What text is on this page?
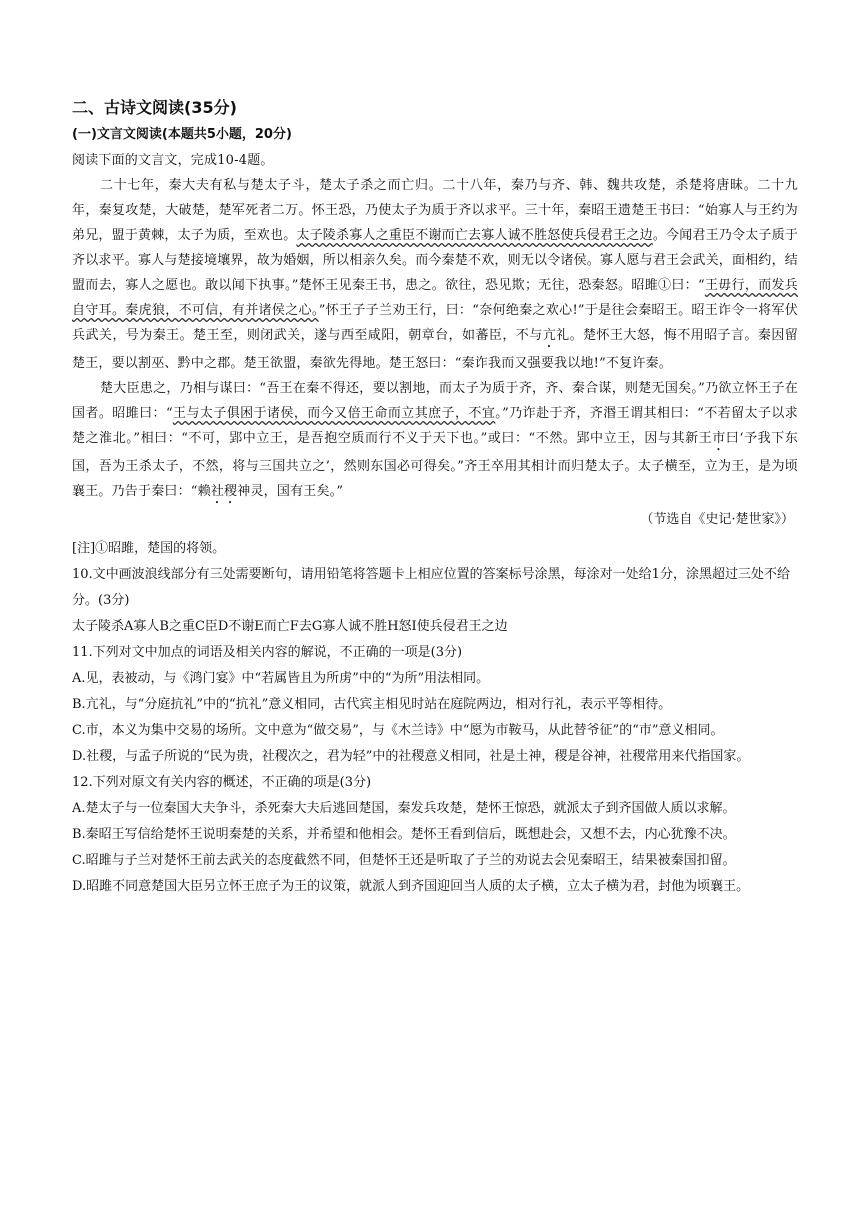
二、古诗文阅读(35分)
(一)文言文阅读(本题共5小题，20分)

阅读下面的文言文，完成10-4题。

二十七年，秦大夫有私与楚太子斗，楚太子杀之而亡归。二十八年，秦乃与齐、韩、魏共攻楚，杀楚将唐昧。二十九年，秦复攻楚，大破楚，楚军死者二万。怀王恐，乃使太子为质于齐以求平。三十年，秦昭王遗楚王书曰：“始寡人与王约为弟兄，盟于黄棘，太子为质，至欢也。太子陵杀寡人之重臣不谢而亡去寡人诚不胜怒使兵侵君王之边。今闻君王乃令太子质于齐以求平。寡人与楚接境壤界，故为婚姻，所以相亲久矣。而今秦楚不欢，则无以令诸侯。寡人愿与君王会武关，面相约，结盟而去，寡人之愿也。敢以闻下执事。”楚怀王见秦王书，患之。欲往，恐见欺；无往，恐秦怒。昭雎①曰：“王毋行，而发兵自守耳。秦虎狼，不可信，有并诸侯之心。”怀王子子兰劝王行，曰：“奈何绝秦之欢心!”于是往会秦昭王。昭王诈令一将军伏兵武关，号为秦王。楚王至，则闭武关，遂与西至咸阳，朝章台，如蕃臣，不与亢礼。楚怀王大怒，悔不用昭子言。秦因留楚王，要以割巫、黔中之郡。楚王欲盟，秦欲先得地。楚王怒曰：“秦诈我而又强要我以地!”不复许秦。

楚大臣患之，乃相与谋曰：“吾王在秦不得还，要以割地，而太子为质于齐，齐、秦合谋，则楚无国矣。”乃欲立怀王子在国者。昭雎曰：“王与太子俱困于诸侯，而今又倍王命而立其庶子，不宜。”乃诈赴于齐，齐湣王谓其相曰：“不若留太子以求楚之淮北。”相曰：“不可，郢中立王，是吾抱空质而行不义于天下也。”或曰：“不然。郢中立王，因与其新王市曰‘予我下东国，吾为王杀太子，不然，将与三国共立之’，然则东国必可得矣。”齐王卒用其相计而归楚太子。太子横至，立为王，是为顷襄王。乃告于秦曰：“赖社稷神灵，国有王矣。”

（节选自《史记·楚世家》）

[注]①昭雎，楚国的将领。

10.文中画波浪线部分有三处需要断句，请用铅笔将答题卡上相应位置的答案标号涂黑，每涂对一处给1分，涂黑超过三处不给分。(3分)

太子陵杀A寡人B之重C臣D不谢E而亡F去G寡人诚不胜H怒I使兵侵君王之边

11.下列对文中加点的词语及相关内容的解说，不正确的一项是(3分)

A.见，表被动，与《鸿门宴》中“若属皆且为所虏”中的“为所”用法相同。

B.亢礼，与“分庭抗礼”中的“抗礼”意义相同，古代宾主相见时站在庭院两边，相对行礼，表示平等相待。

C.市，本义为集中交易的场所。文中意为“做交易”，与《木兰诗》中“愿为市鞍马，从此替爷征”的“市”意义相同。

D.社稷，与孟子所说的“民为贵，社稷次之，君为轻”中的社稷意义相同，社是土神，稷是谷神，社稷常用来代指国家。

12.下列对原文有关内容的概述，不正确的项是(3分)

A.楚太子与一位秦国大夫争斗，杀死秦大夫后逃回楚国，秦发兵攻楚，楚怀王惊恐，就派太子到齐国做人质以求解。

B.秦昭王写信给楚怀王说明秦楚的关系，并希望和他相会。楚怀王看到信后，既想赴会，又想不去，内心犹豫不决。

C.昭雎与子兰对楚怀王前去武关的态度截然不同，但楚怀王还是听取了子兰的劝说去会见秦昭王，结果被秦国扣留。

D.昭雎不同意楚国大臣另立怀王庶子为王的议策，就派人到齐国迎回当人质的太子横，立太子横为君，封他为顷襄王。
